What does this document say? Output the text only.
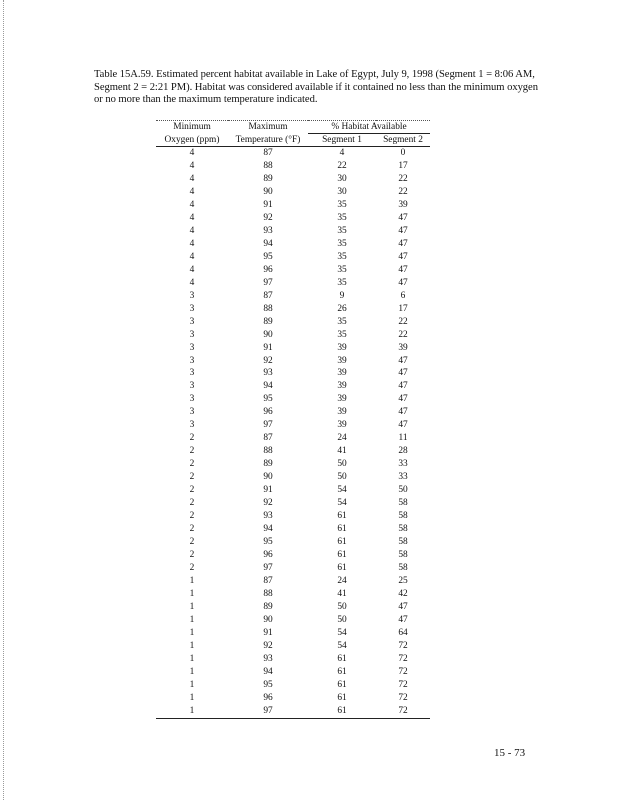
Table 15A.59. Estimated percent habitat available in Lake of Egypt, July 9, 1998 (Segment 1 = 8:06 AM, Segment 2 = 2:21 PM). Habitat was considered available if it contained no less than the minimum oxygen or no more than the maximum temperature indicated.

Minimum	Maximum	% Habitat Available	
Oxygen (ppm)	Temperature (°F)	Segment 1	Segment 2
4	87	4	0
4	88	22	17
4	89	30	22
4	90	30	22
4	91	35	39
4	92	35	47
4	93	35	47
4	94	35	47
4	95	35	47
4	96	35	47
4	97	35	47
3	87	9	6
3	88	26	17
3	89	35	22
3	90	35	22
3	91	39	39
3	92	39	47
3	93	39	47
3	94	39	47
3	95	39	47
3	96	39	47
3	97	39	47
2	87	24	11
2	88	41	28
2	89	50	33
2	90	50	33
2	91	54	50
2	92	54	58
2	93	61	58
2	94	61	58
2	95	61	58
2	96	61	58
2	97	61	58
1	87	24	25
1	88	41	42
1	89	50	47
1	90	50	47
1	91	54	64
1	92	54	72
1	93	61	72
1	94	61	72
1	95	61	72
1	96	61	72
1	97	61	72
15 - 73
